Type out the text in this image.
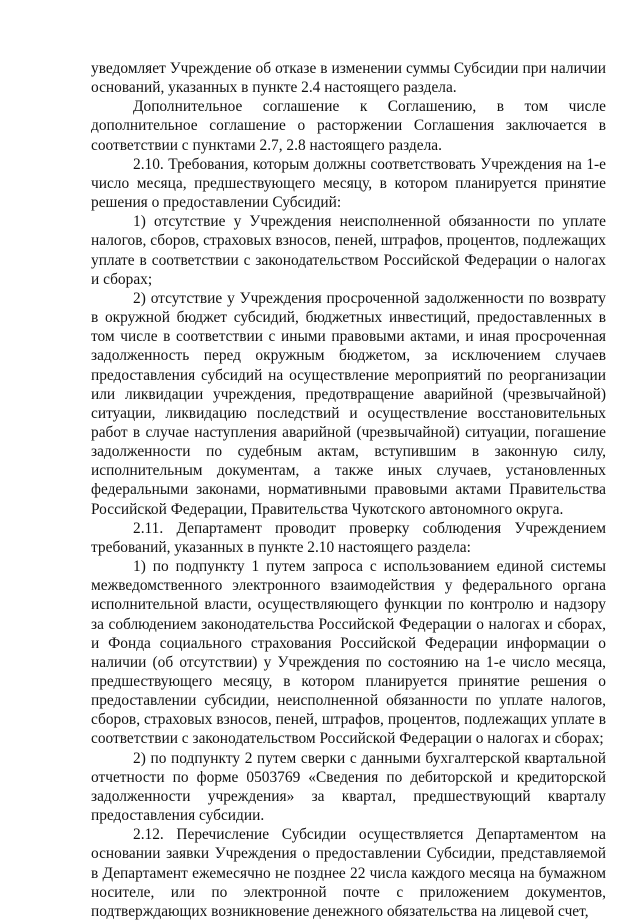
уведомляет Учреждение об отказе в изменении суммы Субсидии при наличии оснований, указанных в пункте 2.4 настоящего раздела.

Дополнительное соглашение к Соглашению, в том числе дополнительное соглашение о расторжении Соглашения заключается в соответствии с пунктами 2.7, 2.8 настоящего раздела.

2.10. Требования, которым должны соответствовать Учреждения на 1-е число месяца, предшествующего месяцу, в котором планируется принятие решения о предоставлении Субсидий:

1) отсутствие у Учреждения неисполненной обязанности по уплате налогов, сборов, страховых взносов, пеней, штрафов, процентов, подлежащих уплате в соответствии с законодательством Российской Федерации о налогах и сборах;

2) отсутствие у Учреждения просроченной задолженности по возврату в окружной бюджет субсидий, бюджетных инвестиций, предоставленных в том числе в соответствии с иными правовыми актами, и иная просроченная задолженность перед окружным бюджетом, за исключением случаев предоставления субсидий на осуществление мероприятий по реорганизации или ликвидации учреждения, предотвращение аварийной (чрезвычайной) ситуации, ликвидацию последствий и осуществление восстановительных работ в случае наступления аварийной (чрезвычайной) ситуации, погашение задолженности по судебным актам, вступившим в законную силу, исполнительным документам, а также иных случаев, установленных федеральными законами, нормативными правовыми актами Правительства Российской Федерации, Правительства Чукотского автономного округа.

2.11. Департамент проводит проверку соблюдения Учреждением требований, указанных в пункте 2.10 настоящего раздела:

1) по подпункту 1 путем запроса с использованием единой системы межведомственного электронного взаимодействия у федерального органа исполнительной власти, осуществляющего функции по контролю и надзору за соблюдением законодательства Российской Федерации о налогах и сборах, и Фонда социального страхования Российской Федерации информации о наличии (об отсутствии) у Учреждения по состоянию на 1-е число месяца, предшествующего месяцу, в котором планируется принятие решения о предоставлении субсидии, неисполненной обязанности по уплате налогов, сборов, страховых взносов, пеней, штрафов, процентов, подлежащих уплате в соответствии с законодательством Российской Федерации о налогах и сборах;

2) по подпункту 2 путем сверки с данными бухгалтерской квартальной отчетности по форме 0503769 «Сведения по дебиторской и кредиторской задолженности учреждения» за квартал, предшествующий кварталу предоставления субсидии.

2.12. Перечисление Субсидии осуществляется Департаментом на основании заявки Учреждения о предоставлении Субсидии, представляемой в Департамент ежемесячно не позднее 22 числа каждого месяца на бумажном носителе, или по электронной почте с приложением документов, подтверждающих возникновение денежного обязательства на лицевой счет,
